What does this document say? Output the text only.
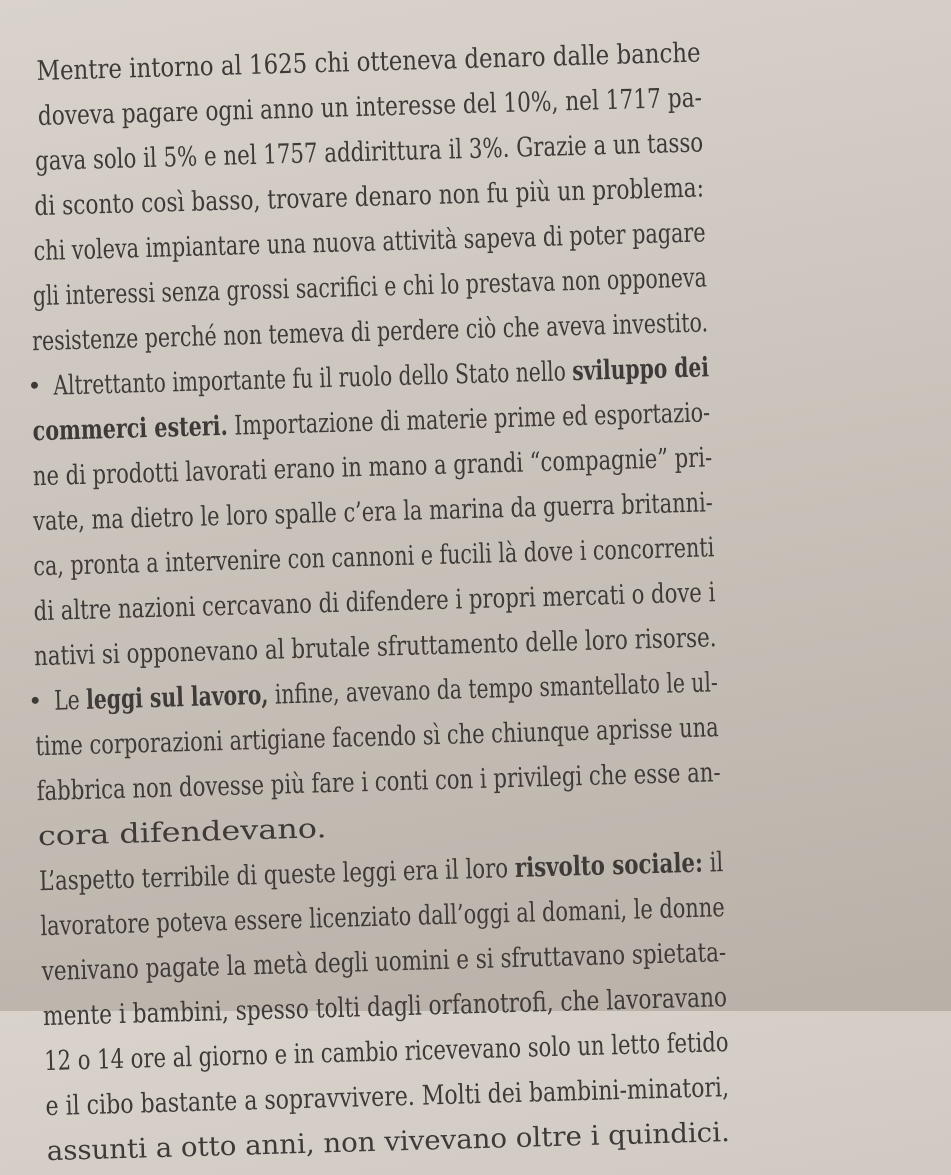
Mentre intorno al 1625 chi otteneva denaro dalle banche
doveva pagare ogni anno un interesse del 10%, nel 1717 pa-
gava solo il 5% e nel 1757 addirittura il 3%. Grazie a un tasso
di sconto così basso, trovare denaro non fu più un problema:
chi voleva impiantare una nuova attività sapeva di poter pagare
gli interessi senza grossi sacrifici e chi lo prestava non opponeva
resistenze perché non temeva di perdere ciò che aveva investito.
• Altrettanto importante fu il ruolo dello Stato nello sviluppo dei
commerci esteri. Importazione di materie prime ed esportazio-
ne di prodotti lavorati erano in mano a grandi “compagnie” pri-
vate, ma dietro le loro spalle c’era la marina da guerra britanni-
ca, pronta a intervenire con cannoni e fucili là dove i concorrenti
di altre nazioni cercavano di difendere i propri mercati o dove i
nativi si opponevano al brutale sfruttamento delle loro risorse.
• Le leggi sul lavoro, infine, avevano da tempo smantellato le ul-
time corporazioni artigiane facendo sì che chiunque aprisse una
fabbrica non dovesse più fare i conti con i privilegi che esse an-
cora difendevano.
L’aspetto terribile di queste leggi era il loro risvolto sociale: il
lavoratore poteva essere licenziato dall’oggi al domani, le donne
venivano pagate la metà degli uomini e si sfruttavano spietata-
mente i bambini, spesso tolti dagli orfanotrofi, che lavoravano
12 o 14 ore al giorno e in cambio ricevevano solo un letto fetido
e il cibo bastante a sopravvivere. Molti dei bambini-minatori,
assunti a otto anni, non vivevano oltre i quindici.
